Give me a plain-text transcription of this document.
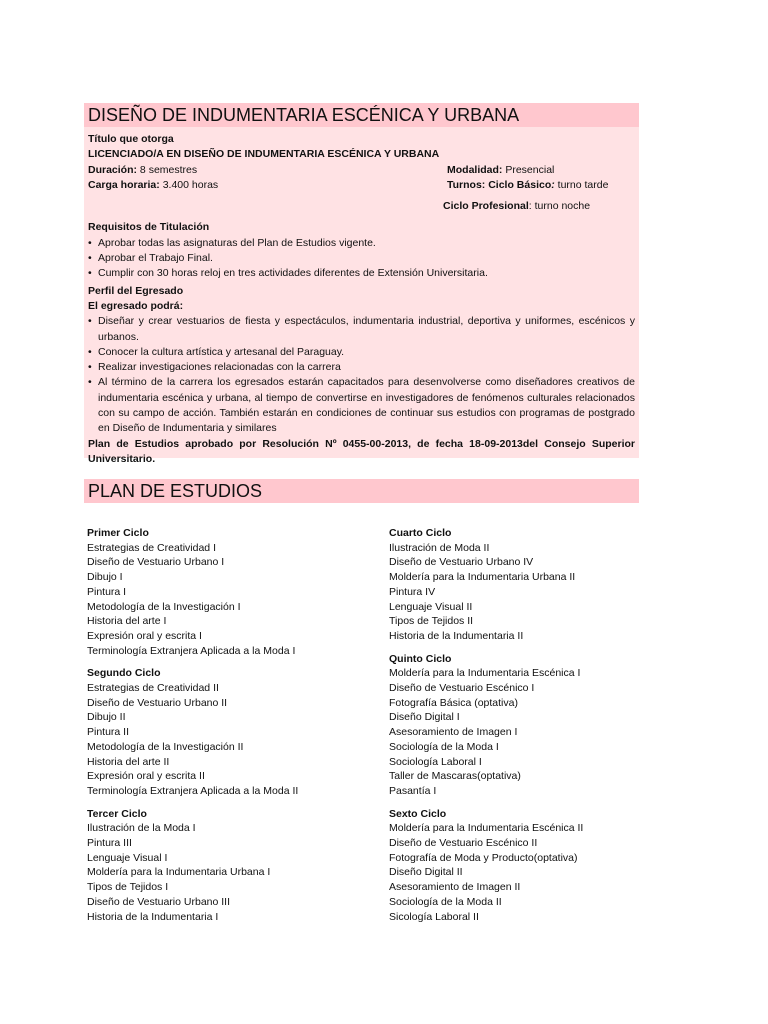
DISEÑO DE INDUMENTARIA ESCÉNICA Y URBANA
Título que otorga
LICENCIADO/A EN DISEÑO DE INDUMENTARIA ESCÉNICA Y URBANA
Duración: 8 semestres	Modalidad: Presencial
Carga horaria: 3.400 horas	Turnos: Ciclo Básico: turno tarde
Ciclo Profesional: turno noche
Requisitos de Titulación
• Aprobar todas las asignaturas del Plan de Estudios vigente.
• Aprobar el Trabajo Final.
• Cumplir con 30 horas reloj en tres actividades diferentes de Extensión Universitaria.
Perfil del Egresado
El egresado podrá:
• Diseñar y crear vestuarios de fiesta y espectáculos, indumentaria industrial, deportiva y uniformes, escénicos y urbanos.
• Conocer la cultura artística y artesanal del Paraguay.
• Realizar investigaciones relacionadas con la carrera
• Al término de la carrera los egresados estarán capacitados para desenvolverse como diseñadores creativos de indumentaria escénica y urbana, al tiempo de convertirse en investigadores de fenómenos culturales relacionados con su campo de acción. También estarán en condiciones de continuar sus estudios con programas de postgrado en Diseño de Indumentaria y similares
Plan de Estudios aprobado por Resolución Nº 0455-00-2013, de fecha 18-09-2013del Consejo Superior Universitario.
PLAN DE ESTUDIOS
Primer Ciclo
Estrategias de Creatividad I
Diseño de Vestuario Urbano I
Dibujo I
Pintura I
Metodología de la Investigación I
Historia del arte I
Expresión oral y escrita I
Terminología Extranjera Aplicada a la Moda I
Segundo Ciclo
Estrategias de Creatividad II
Diseño de Vestuario Urbano II
Dibujo II
Pintura II
Metodología de la Investigación II
Historia del arte II
Expresión oral y escrita II
Terminología Extranjera Aplicada a la Moda II
Tercer Ciclo
Ilustración de la Moda I
Pintura III
Lenguaje Visual I
Moldería para la Indumentaria Urbana I
Tipos de Tejidos I
Diseño de Vestuario Urbano III
Historia de la Indumentaria I
Cuarto Ciclo
Ilustración de Moda II
Diseño de Vestuario Urbano IV
Moldería para la Indumentaria Urbana II
Pintura IV
Lenguaje Visual II
Tipos de Tejidos II
Historia de la Indumentaria II
Quinto Ciclo
Moldería para la Indumentaria Escénica I
Diseño de Vestuario Escénico I
Fotografía Básica (optativa)
Diseño Digital I
Asesoramiento de Imagen I
Sociología de la Moda I
Sociología Laboral I
Taller de Mascaras(optativa)
Pasantía I
Sexto Ciclo
Moldería para la Indumentaria Escénica II
Diseño de Vestuario Escénico II
Fotografía de Moda y Producto(optativa)
Diseño Digital II
Asesoramiento de Imagen II
Sociología de la Moda II
Sicología Laboral II
